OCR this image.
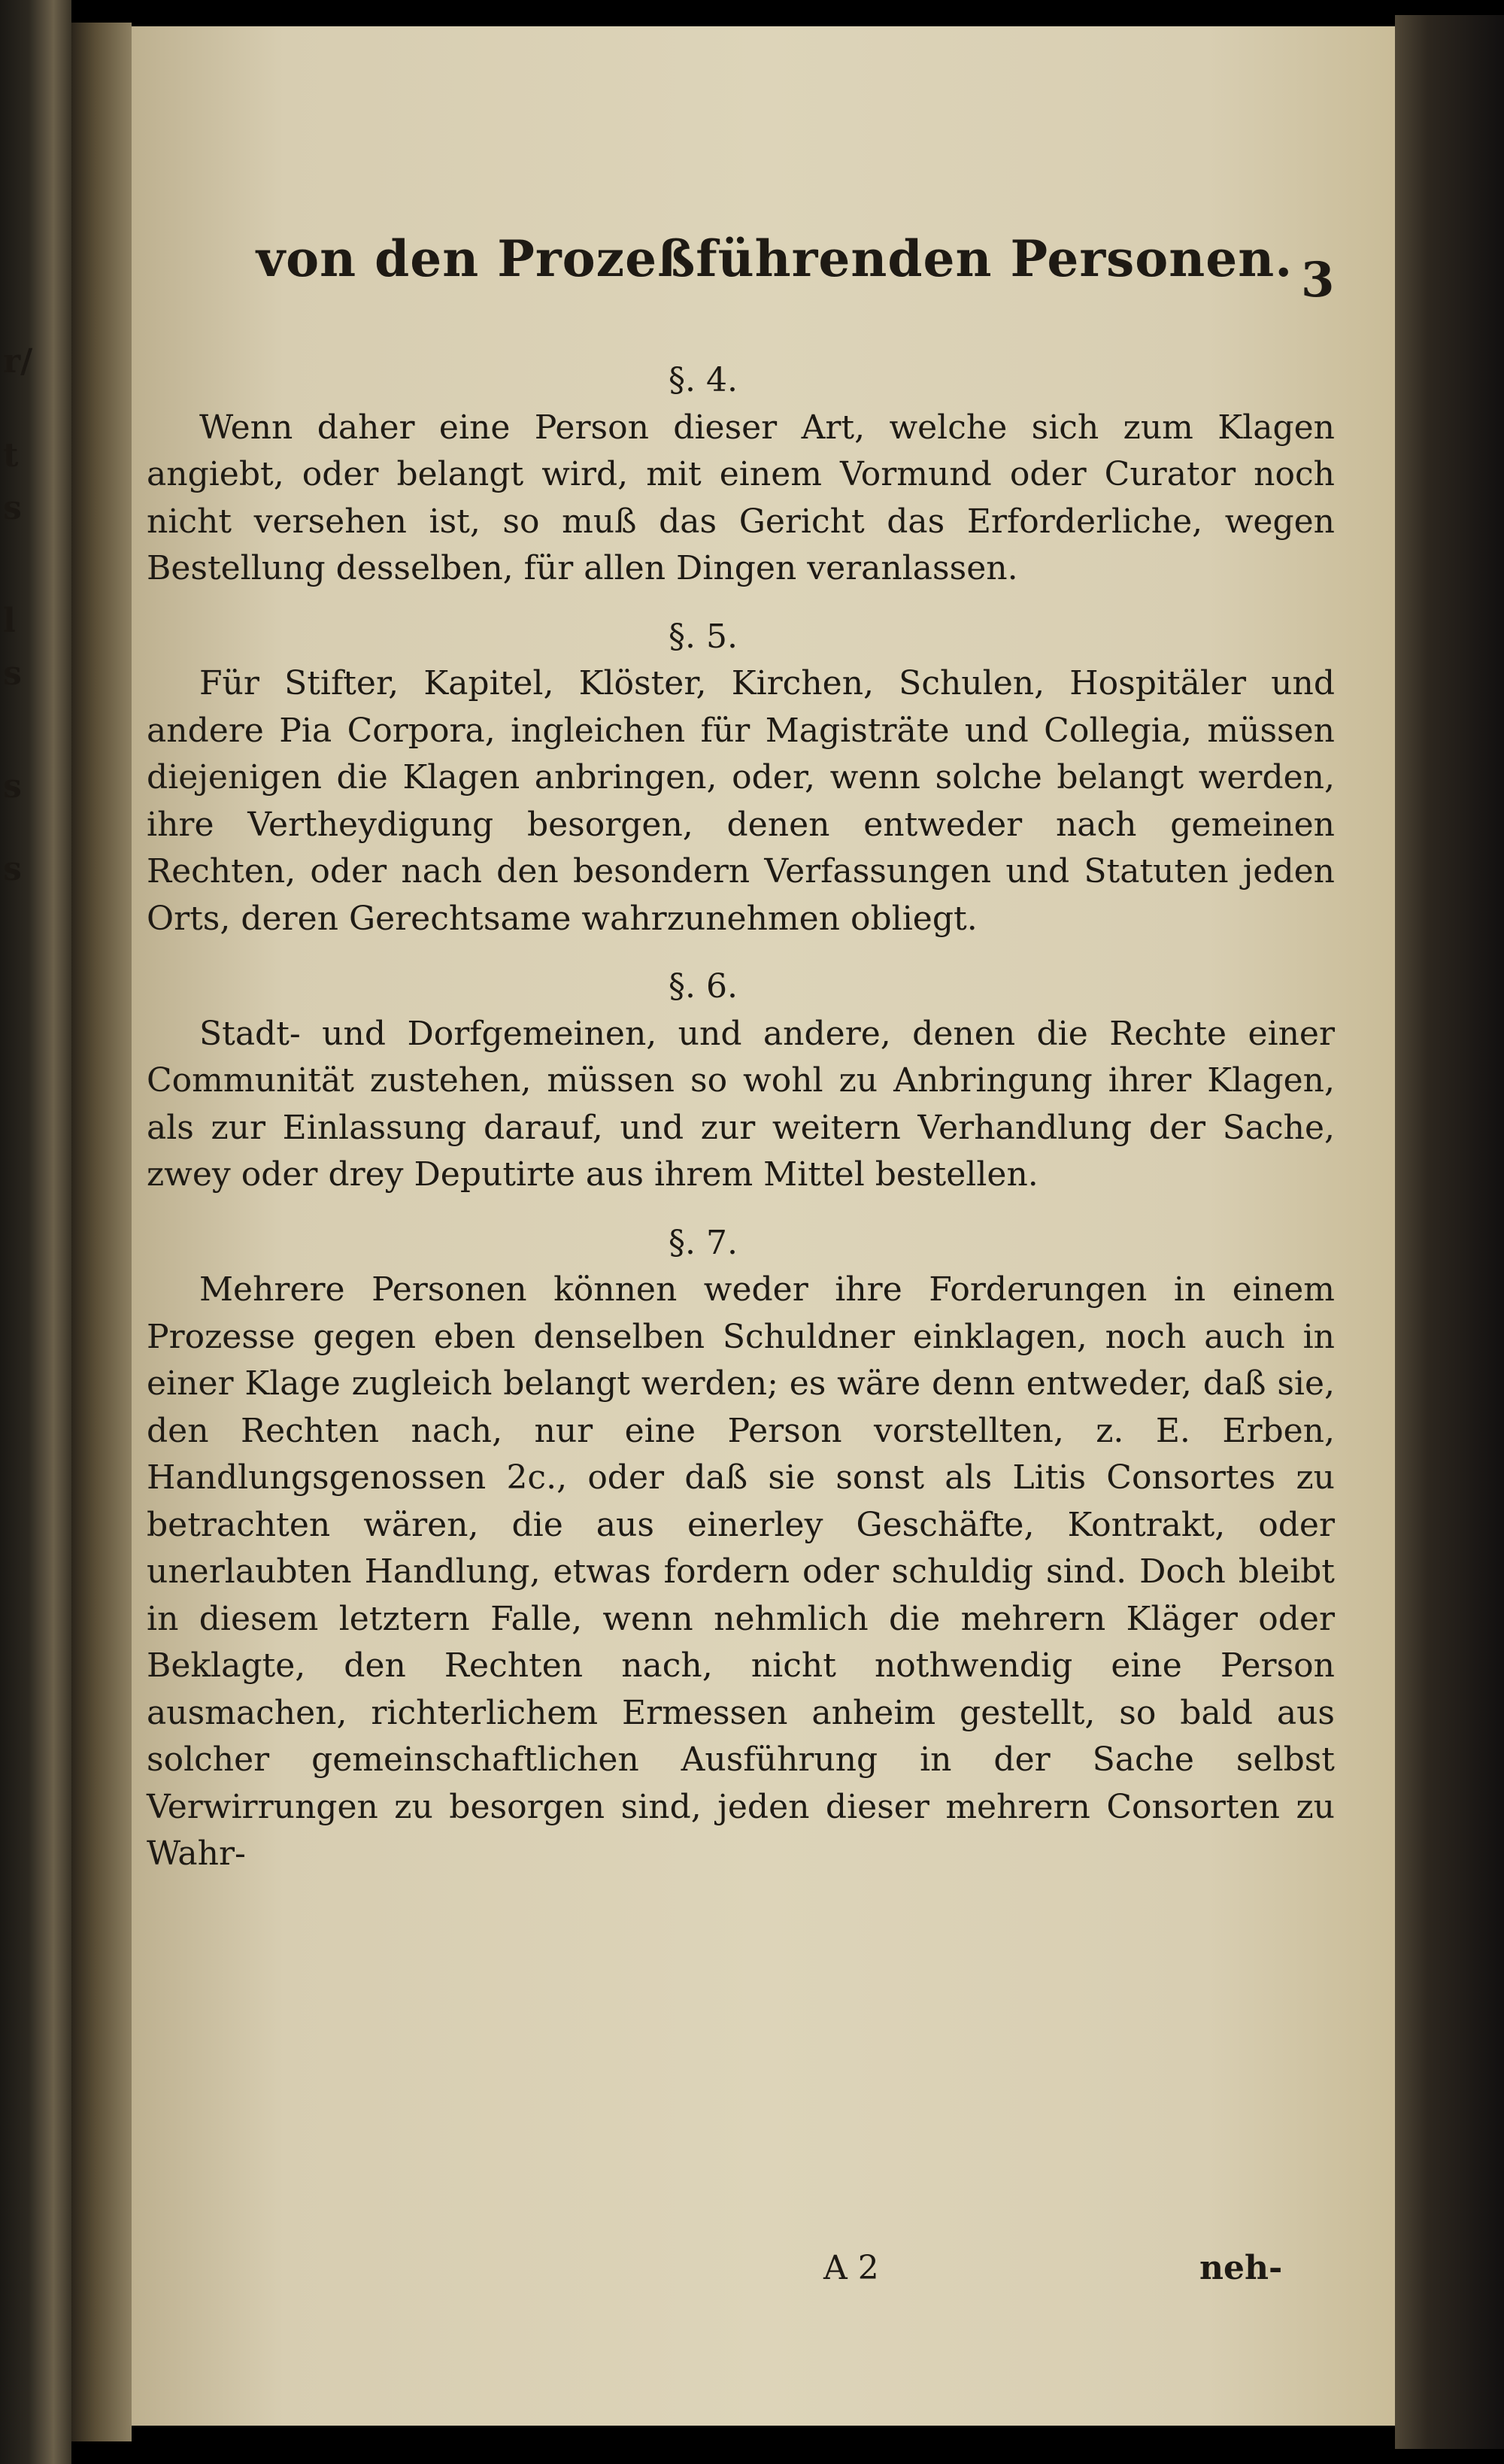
r/
t
s
l
s
s
s
von den Prozeßführenden Personen. 3
§. 4.

Wenn daher eine Person dieser Art, welche sich zum Klagen angiebt, oder belangt wird, mit einem Vormund oder Curator noch nicht versehen ist, so muß das Gericht das Erforderliche, wegen Bestellung desselben, für allen Dingen veranlassen.

§. 5.

Für Stifter, Kapitel, Klöster, Kirchen, Schulen, Hospitäler und andere Pia Corpora, ingleichen für Magisträte und Collegia, müssen diejenigen die Klagen anbringen, oder, wenn solche belangt werden, ihre Vertheydigung besorgen, denen entweder nach gemeinen Rechten, oder nach den besondern Verfassungen und Statuten jeden Orts, deren Gerechtsame wahrzunehmen obliegt.

§. 6.

Stadt- und Dorfgemeinen, und andere, denen die Rechte einer Communität zustehen, müssen so wohl zu Anbringung ihrer Klagen, als zur Einlassung darauf, und zur weitern Verhandlung der Sache, zwey oder drey Deputirte aus ihrem Mittel bestellen.

§. 7.

Mehrere Personen können weder ihre Forderungen in einem Prozesse gegen eben denselben Schuldner einklagen, noch auch in einer Klage zugleich belangt werden; es wäre denn entweder, daß sie, den Rechten nach, nur eine Person vorstellten, z. E. Erben, Handlungsgenossen 2c., oder daß sie sonst als Litis Consortes zu betrachten wären, die aus einerley Geschäfte, Kontrakt, oder unerlaubten Handlung, etwas fordern oder schuldig sind. Doch bleibt in diesem letztern Falle, wenn nehmlich die mehrern Kläger oder Beklagte, den Rechten nach, nicht nothwendig eine Person ausmachen, richterlichem Ermessen anheim gestellt, so bald aus solcher gemeinschaftlichen Ausführung in der Sache selbst Verwirrungen zu besorgen sind, jeden dieser mehrern Consorten zu Wahr-

A 2	neh-
